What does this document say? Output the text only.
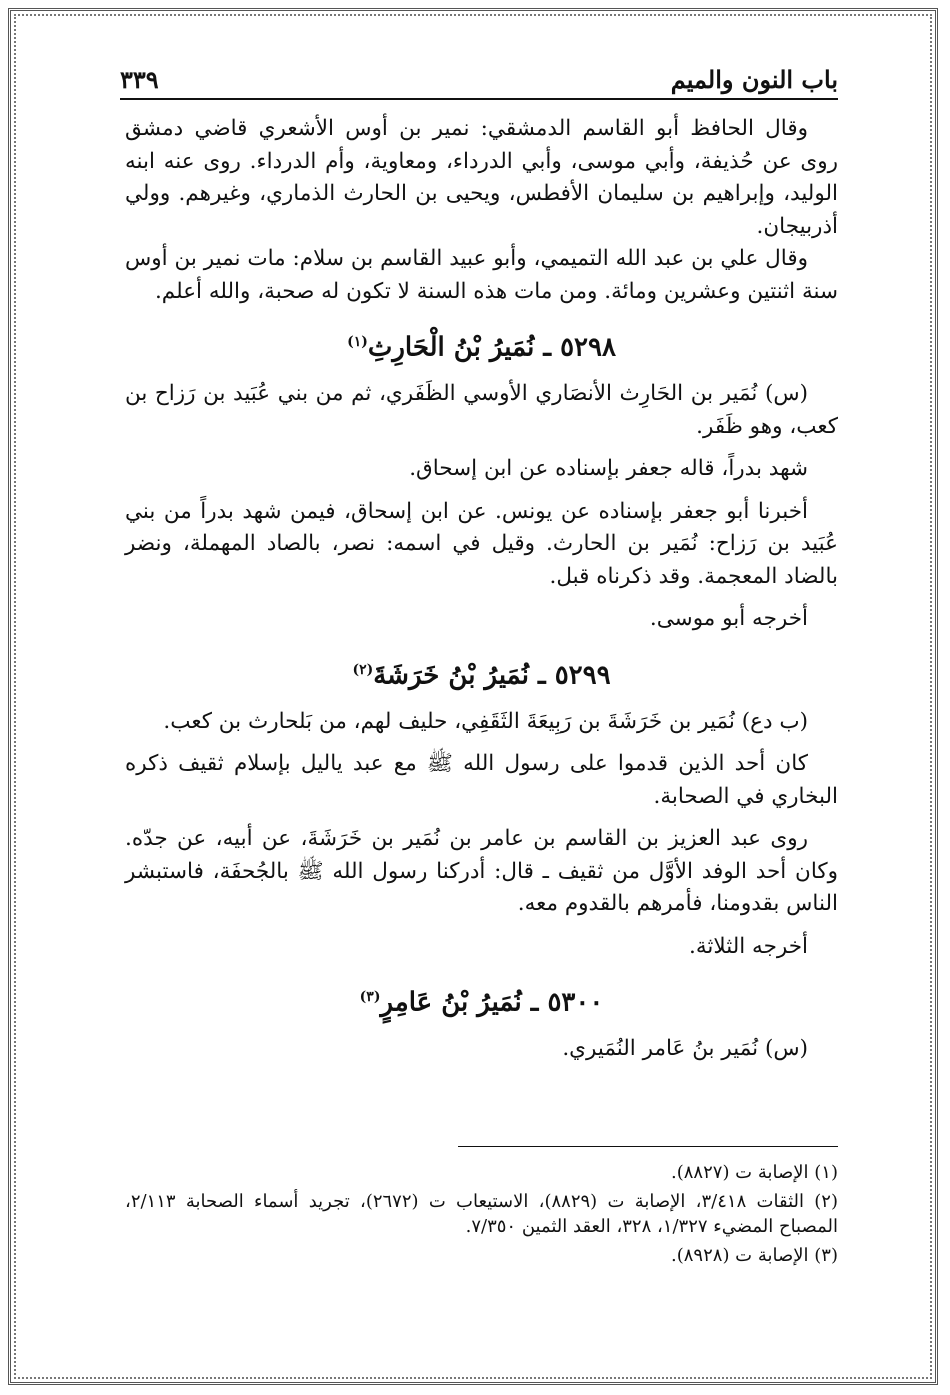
باب النون والميم
٣٣٩

وقال الحافظ أبو القاسم الدمشقي: نمير بن أوس الأشعري قاضي دمشق روى عن حُذيفة، وأبي موسى، وأبي الدرداء، ومعاوية، وأم الدرداء. روى عنه ابنه الوليد، وإبراهيم بن سليمان الأفطس، ويحيى بن الحارث الذماري، وغيرهم. وولي أذربيجان.

وقال علي بن عبد الله التميمي، وأبو عبيد القاسم بن سلام: مات نمير بن أوس سنة اثنتين وعشرين ومائة. ومن مات هذه السنة لا تكون له صحبة، والله أعلم.

٥٢٩٨ ـ نُمَيرُ بْنُ الْحَارِثِ$^{(١)}$

(س) نُمَير بن الحَارِث الأنصَاري الأوسي الظَفَري، ثم من بني عُبَيد بن رَزاح بن كعب، وهو ظَفَر.

شهد بدراً، قاله جعفر بإسناده عن ابن إسحاق.

أخبرنا أبو جعفر بإسناده عن يونس. عن ابن إسحاق، فيمن شهد بدراً من بني عُبَيد بن رَزاح: نُمَير بن الحارث. وقيل في اسمه: نصر، بالصاد المهملة، ونضر بالضاد المعجمة. وقد ذكرناه قبل.

أخرجه أبو موسى.

٥٢٩٩ ـ نُمَيرُ بْنُ خَرَشَةَ$^{(٢)}$

(ب دع) نُمَير بن خَرَشَةَ بن رَبِيعَةَ الثَقَفِي، حليف لهم، من بَلحارث بن كعب.

كان أحد الذين قدموا على رسول الله ﷺ مع عبد ياليل بإسلام ثقيف ذكره البخاري في الصحابة.

روى عبد العزيز بن القاسم بن عامر بن نُمَير بن خَرَشَةَ، عن أبيه، عن جدّه. وكان أحد الوفد الأوَّل من ثقيف ـ قال: أدركنا رسول الله ﷺ بالجُحفَة، فاستبشر الناس بقدومنا، فأمرهم بالقدوم معه.

أخرجه الثلاثة.

٥٣٠٠ ـ نُمَيرُ بْنُ عَامِرٍ$^{(٣)}$

(س) نُمَير بنُ عَامر النُمَيري.

(١) الإصابة ت (٨٨٢٧).

(٢) الثقات ٣/٤١٨، الإصابة ت (٨٨٢٩)، الاستيعاب ت (٢٦٧٢)، تجريد أسماء الصحابة ٢/١١٣، المصباح المضيء ١/٣٢٧، ٣٢٨، العقد الثمين ٧/٣٥٠.

(٣) الإصابة ت (٨٩٢٨).
